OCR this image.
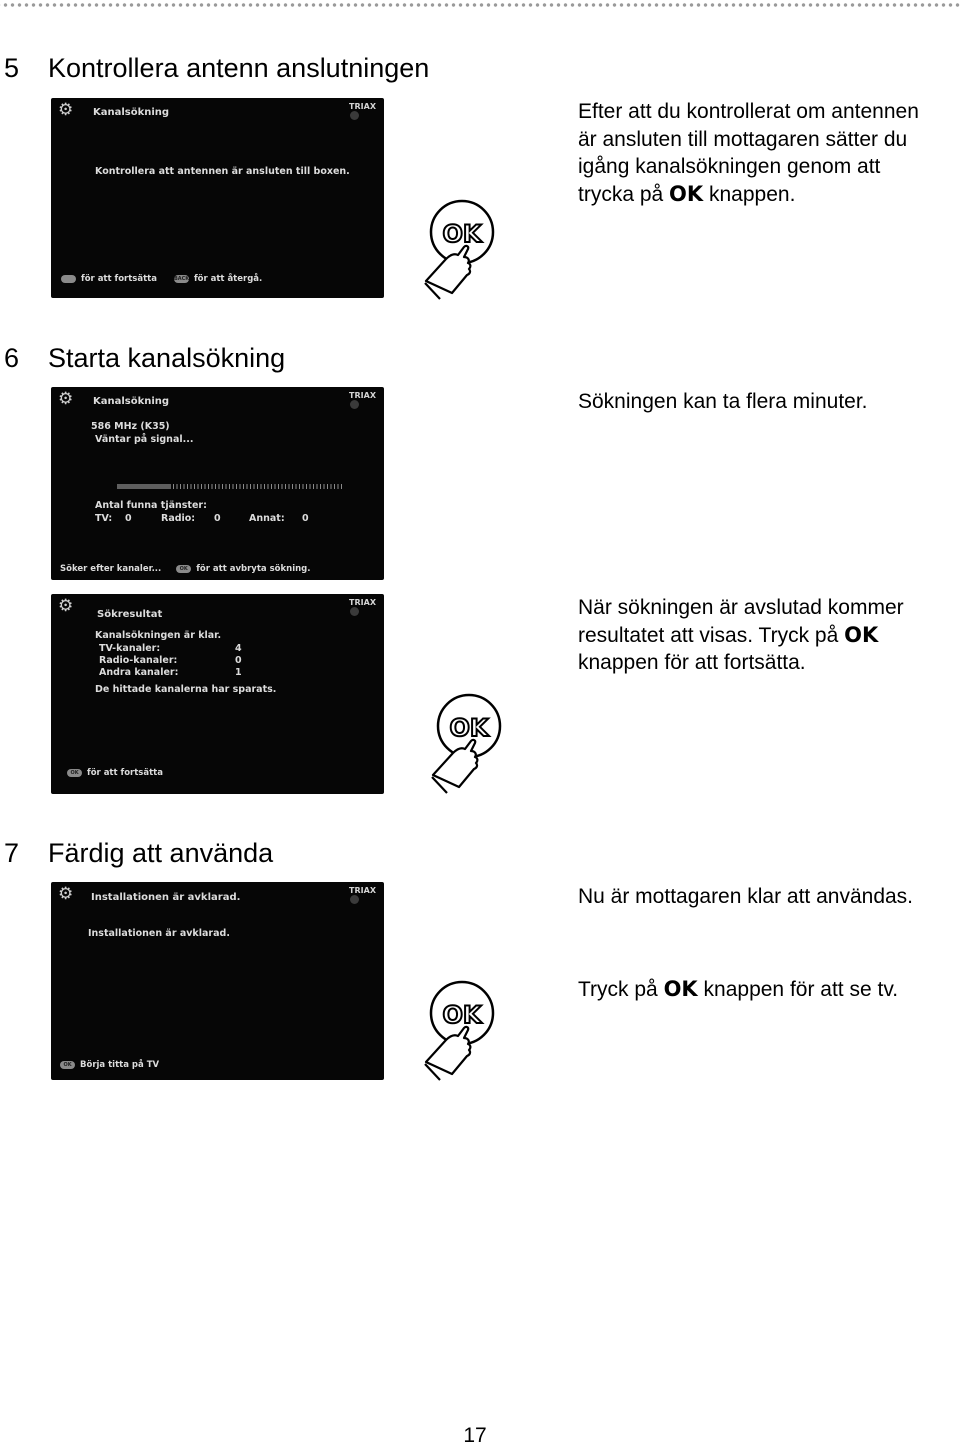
5 Kontrollera antenn anslutningen
⚙	TRIAX
Kanalsökning
Kontrollera att antennen är ansluten till boxen.
för att fortsätta	BACK för att återgå.
OK
Efter att du kontrollerat om antennen
är ansluten till mottagaren sätter du
igång kanalsökningen genom att
trycka på OK knappen.
6 Starta kanalsökning
⚙	TRIAX
Kanalsökning
586 MHz (K35)
Väntar på signal...
Antal funna tjänster:
TV: 0	Radio: 0	Annat: 0
Söker efter kanaler...	OK för att avbryta sökning.
Sökningen kan ta flera minuter.
⚙	TRIAX
Sökresultat
Kanalsökningen är klar.
TV-kanaler:	4
Radio-kanaler:	0
Andra kanaler:	1
De hittade kanalerna har sparats.
OK för att fortsätta
OK
När sökningen är avslutad kommer
resultatet att visas. Tryck på OK
knappen för att fortsätta.
7 Färdig att använda
⚙	TRIAX
Installationen är avklarad.
Installationen är avklarad.
OK Börja titta på TV
OK
Nu är mottagaren klar att användas.
Tryck på OK knappen för att se tv.
17
